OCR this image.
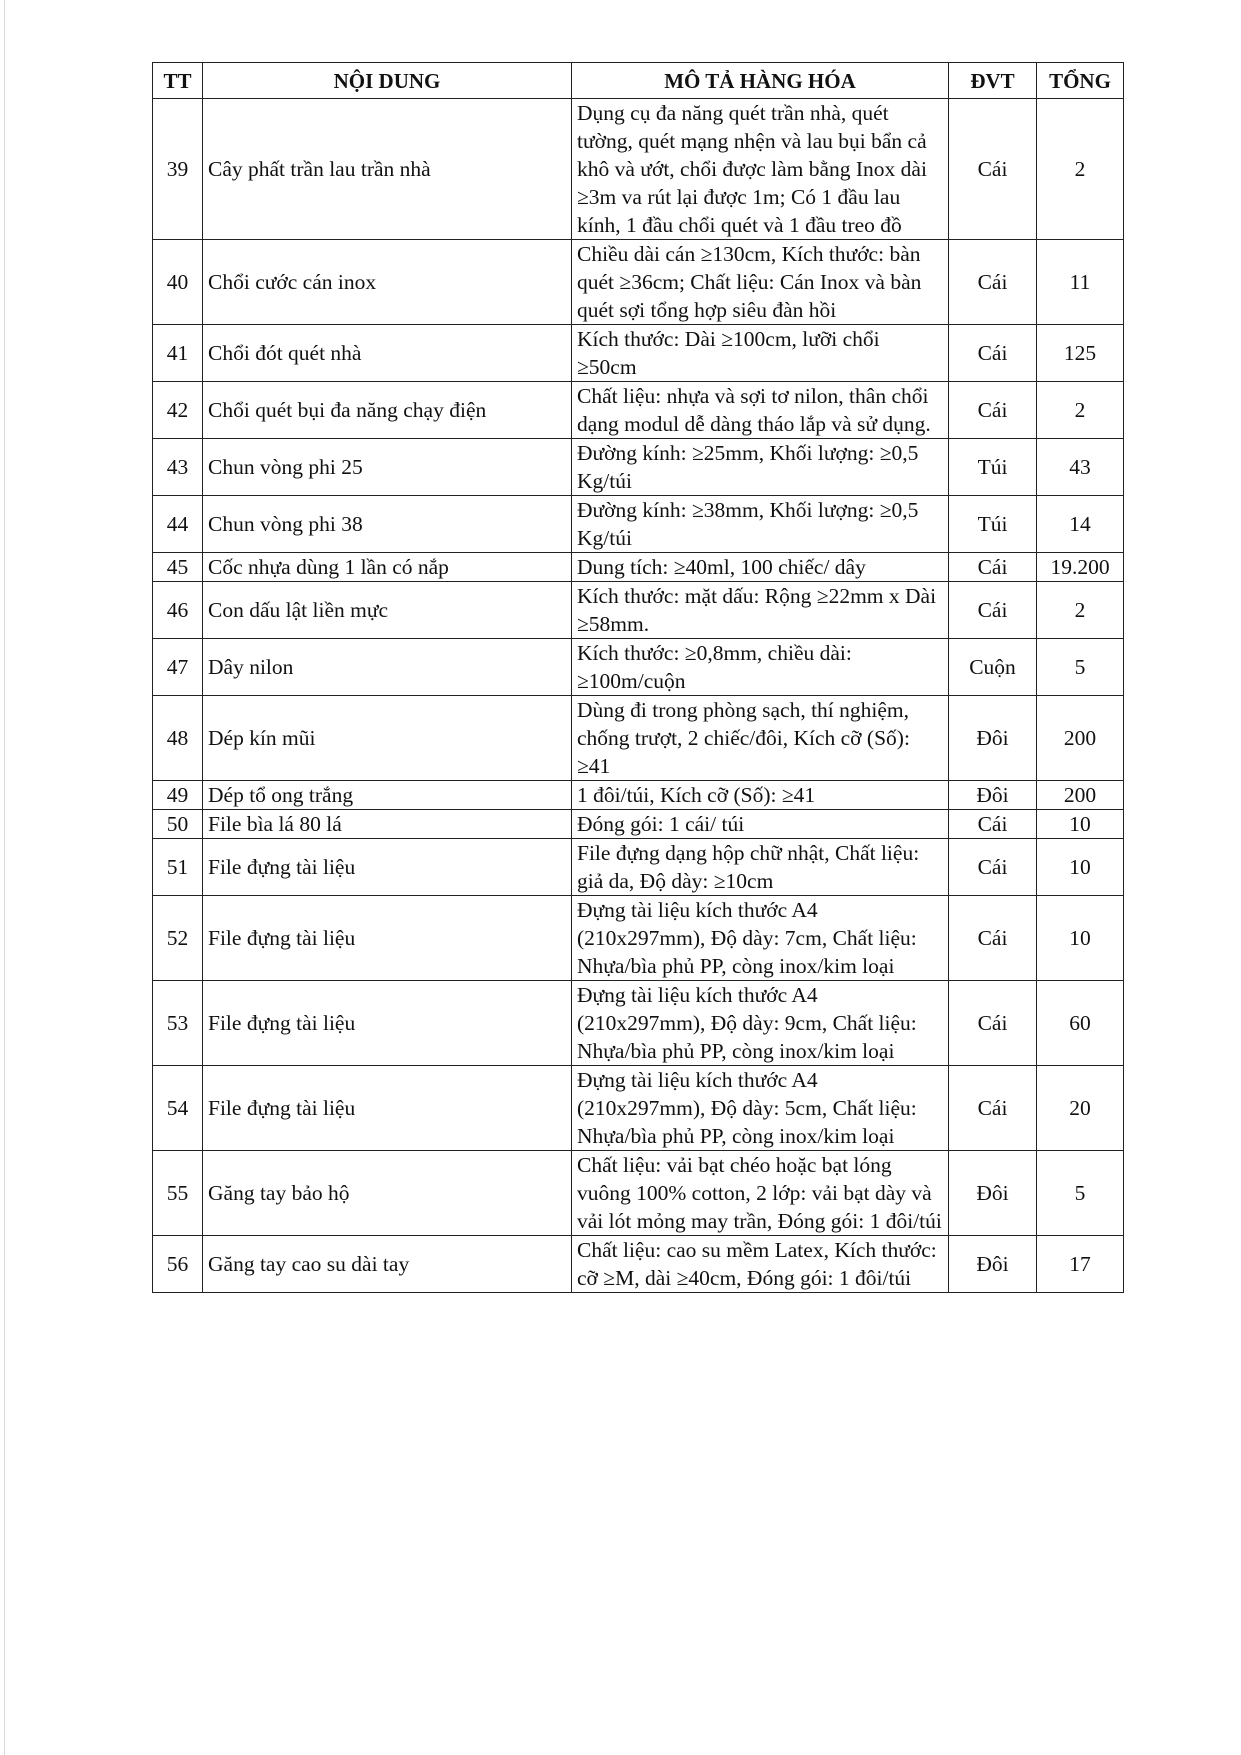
TT	NỘI DUNG	MÔ TẢ HÀNG HÓA	ĐVT	TỔNG
39	Cây phất trần lau trần nhà	Dụng cụ đa năng quét trần nhà, quét tường, quét mạng nhện và lau bụi bẩn cả khô và ướt, chổi được làm bằng Inox dài ≥3m va rút lại được 1m; Có 1 đầu lau kính, 1 đầu chổi quét và 1 đầu treo đồ	Cái	2
40	Chổi cước cán inox	Chiều dài cán ≥130cm, Kích thước: bàn quét ≥36cm; Chất liệu: Cán Inox và bàn quét sợi tổng hợp siêu đàn hồi	Cái	11
41	Chổi đót quét nhà	Kích thước: Dài ≥100cm, lưỡi chổi ≥50cm	Cái	125
42	Chổi quét bụi đa năng chạy điện	Chất liệu: nhựa và sợi tơ nilon, thân chổi dạng modul dễ dàng tháo lắp và sử dụng.	Cái	2
43	Chun vòng phi 25	Đường kính: ≥25mm, Khối lượng: ≥0,5 Kg/túi	Túi	43
44	Chun vòng phi 38	Đường kính: ≥38mm, Khối lượng: ≥0,5 Kg/túi	Túi	14
45	Cốc nhựa dùng 1 lần có nắp	Dung tích: ≥40ml, 100 chiếc/ dây	Cái	19.200
46	Con dấu lật liền mực	Kích thước: mặt dấu: Rộng ≥22mm x Dài ≥58mm.	Cái	2
47	Dây nilon	Kích thước: ≥0,8mm, chiều dài: ≥100m/cuộn	Cuộn	5
48	Dép kín mũi	Dùng đi trong phòng sạch, thí nghiệm, chống trượt, 2 chiếc/đôi, Kích cỡ (Số): ≥41	Đôi	200
49	Dép tổ ong trắng	1 đôi/túi, Kích cỡ (Số): ≥41	Đôi	200
50	File bìa lá 80 lá	Đóng gói: 1 cái/ túi	Cái	10
51	File đựng tài liệu	File đựng dạng hộp chữ nhật, Chất liệu: giả da, Độ dày: ≥10cm	Cái	10
52	File đựng tài liệu	Đựng tài liệu kích thước A4 (210x297mm), Độ dày: 7cm, Chất liệu: Nhựa/bìa phủ PP, còng inox/kim loại	Cái	10
53	File đựng tài liệu	Đựng tài liệu kích thước A4 (210x297mm), Độ dày: 9cm, Chất liệu: Nhựa/bìa phủ PP, còng inox/kim loại	Cái	60
54	File đựng tài liệu	Đựng tài liệu kích thước A4 (210x297mm), Độ dày: 5cm, Chất liệu: Nhựa/bìa phủ PP, còng inox/kim loại	Cái	20
55	Găng tay bảo hộ	Chất liệu: vải bạt chéo hoặc bạt lóng vuông 100% cotton, 2 lớp: vải bạt dày và vải lót mỏng may trần, Đóng gói: 1 đôi/túi	Đôi	5
56	Găng tay cao su dài tay	Chất liệu: cao su mềm Latex, Kích thước: cỡ ≥M, dài ≥40cm, Đóng gói: 1 đôi/túi	Đôi	17
